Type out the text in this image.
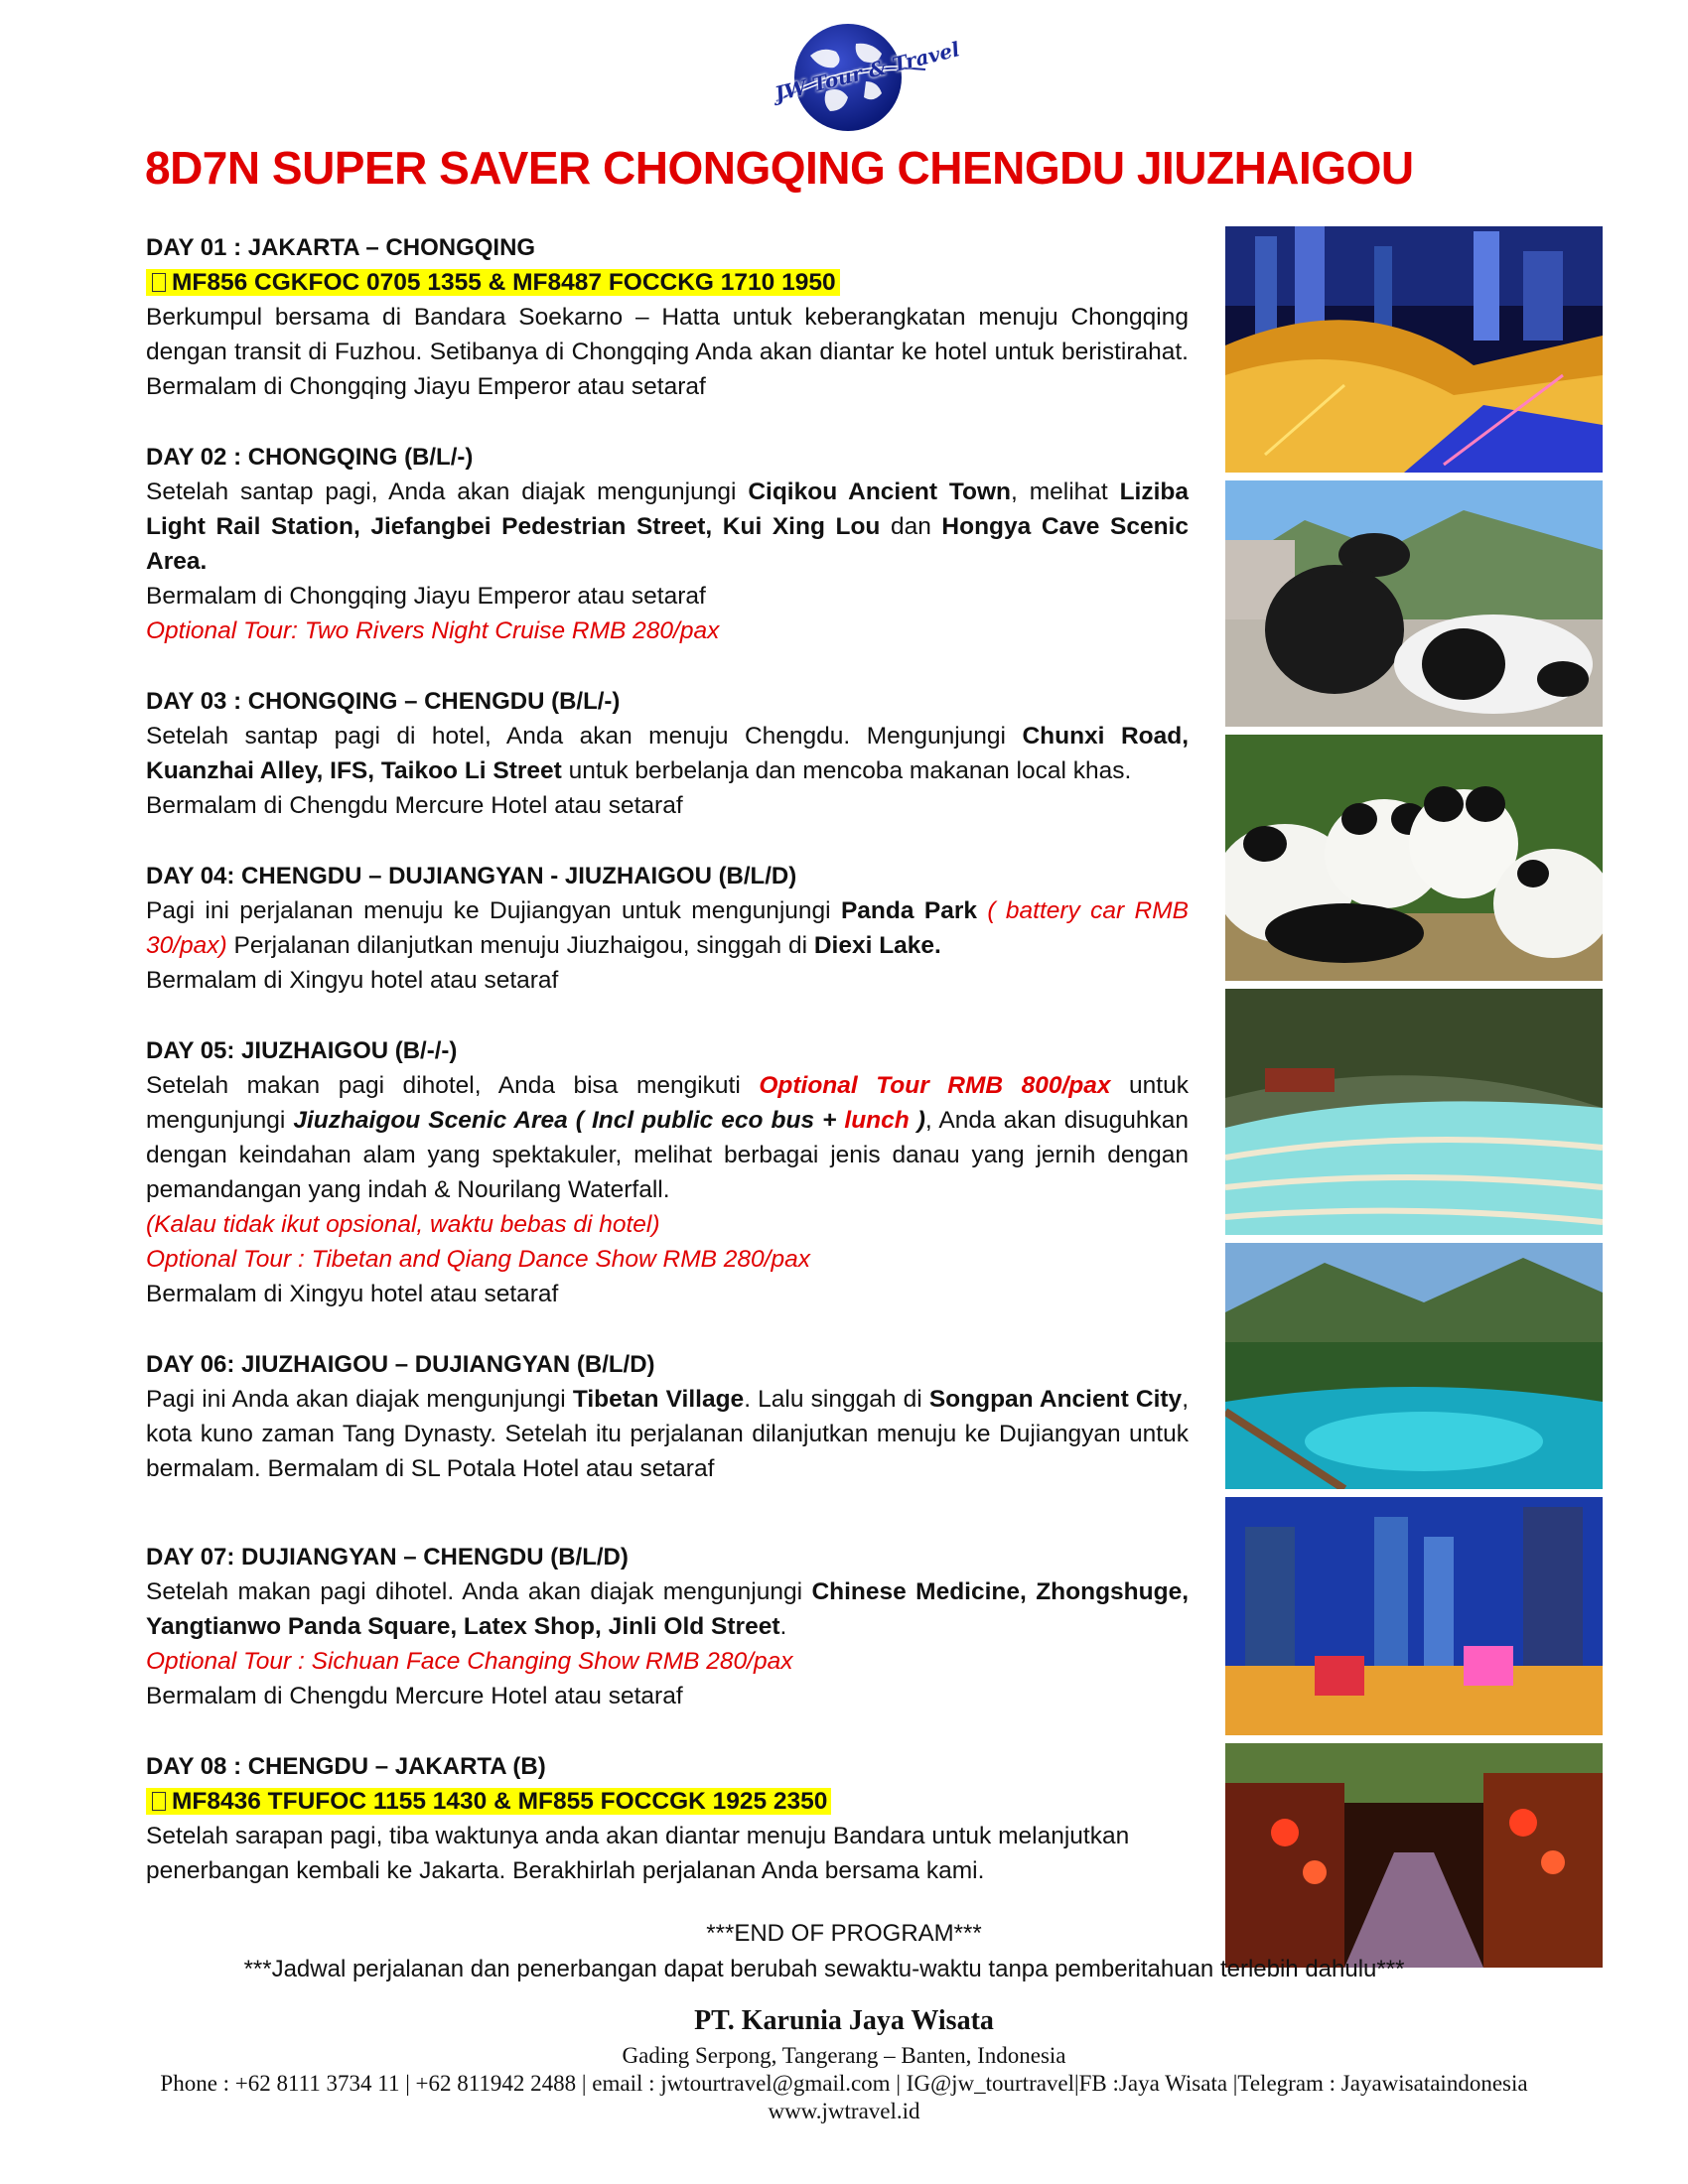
JW Tour & Travel
8D7N SUPER SAVER CHONGQING CHENGDU JIUZHAIGOU

DAY 01 : JAKARTA – CHONGQING

MF856 CGKFOC 0705 1355 & MF8487 FOCCKG 1710 1950

Berkumpul bersama di Bandara Soekarno – Hatta untuk keberangkatan menuju Chongqing dengan transit di Fuzhou. Setibanya di Chongqing Anda akan diantar ke hotel untuk beristirahat. Bermalam di Chongqing Jiayu Emperor atau setaraf

DAY 02 : CHONGQING (B/L/-)

Setelah santap pagi, Anda akan diajak mengunjungi Ciqikou Ancient Town, melihat Liziba Light Rail Station, Jiefangbei Pedestrian Street, Kui Xing Lou dan Hongya Cave Scenic Area.

Bermalam di Chongqing Jiayu Emperor atau setaraf

Optional Tour: Two Rivers Night Cruise RMB 280/pax

DAY 03 : CHONGQING – CHENGDU (B/L/-)

Setelah santap pagi di hotel, Anda akan menuju Chengdu. Mengunjungi Chunxi Road, Kuanzhai Alley, IFS, Taikoo Li Street untuk berbelanja dan mencoba makanan local khas.

Bermalam di Chengdu Mercure Hotel atau setaraf

DAY 04: CHENGDU – DUJIANGYAN - JIUZHAIGOU (B/L/D)

Pagi ini perjalanan menuju ke Dujiangyan untuk mengunjungi Panda Park ( battery car RMB 30/pax) Perjalanan dilanjutkan menuju Jiuzhaigou, singgah di Diexi Lake.

Bermalam di Xingyu hotel atau setaraf

DAY 05: JIUZHAIGOU (B/-/-)

Setelah makan pagi dihotel, Anda bisa mengikuti Optional Tour RMB 800/pax untuk mengunjungi Jiuzhaigou Scenic Area ( Incl public eco bus + lunch ), Anda akan disuguhkan dengan keindahan alam yang spektakuler, melihat berbagai jenis danau yang jernih dengan pemandangan yang indah & Nourilang Waterfall.

(Kalau tidak ikut opsional, waktu bebas di hotel)

Optional Tour : Tibetan and Qiang Dance Show RMB 280/pax

Bermalam di Xingyu hotel atau setaraf

DAY 06: JIUZHAIGOU – DUJIANGYAN (B/L/D)

Pagi ini Anda akan diajak mengunjungi Tibetan Village. Lalu singgah di Songpan Ancient City, kota kuno zaman Tang Dynasty. Setelah itu perjalanan dilanjutkan menuju ke Dujiangyan untuk bermalam. Bermalam di SL Potala Hotel atau setaraf

DAY 07: DUJIANGYAN – CHENGDU (B/L/D)

Setelah makan pagi dihotel. Anda akan diajak mengunjungi Chinese Medicine, Zhongshuge, Yangtianwo Panda Square, Latex Shop, Jinli Old Street.

Optional Tour : Sichuan Face Changing Show RMB 280/pax

Bermalam di Chengdu Mercure Hotel atau setaraf

DAY 08 : CHENGDU – JAKARTA (B)

MF8436 TFUFOC 1155 1430 & MF855 FOCCGK 1925 2350

Setelah sarapan pagi, tiba waktunya anda akan diantar menuju Bandara untuk melanjutkan penerbangan kembali ke Jakarta. Berakhirlah perjalanan Anda bersama kami.

***END OF PROGRAM***

***Jadwal perjalanan dan penerbangan dapat berubah sewaktu-waktu tanpa pemberitahuan terlebih dahulu***

PT. Karunia Jaya Wisata

Gading Serpong, Tangerang – Banten, Indonesia

Phone : +62 8111 3734 11 | +62 811942 2488 | email : jwtourtravel@gmail.com | IG@jw_tourtravel|FB :Jaya Wisata |Telegram : Jayawisataindonesia

www.jwtravel.id
